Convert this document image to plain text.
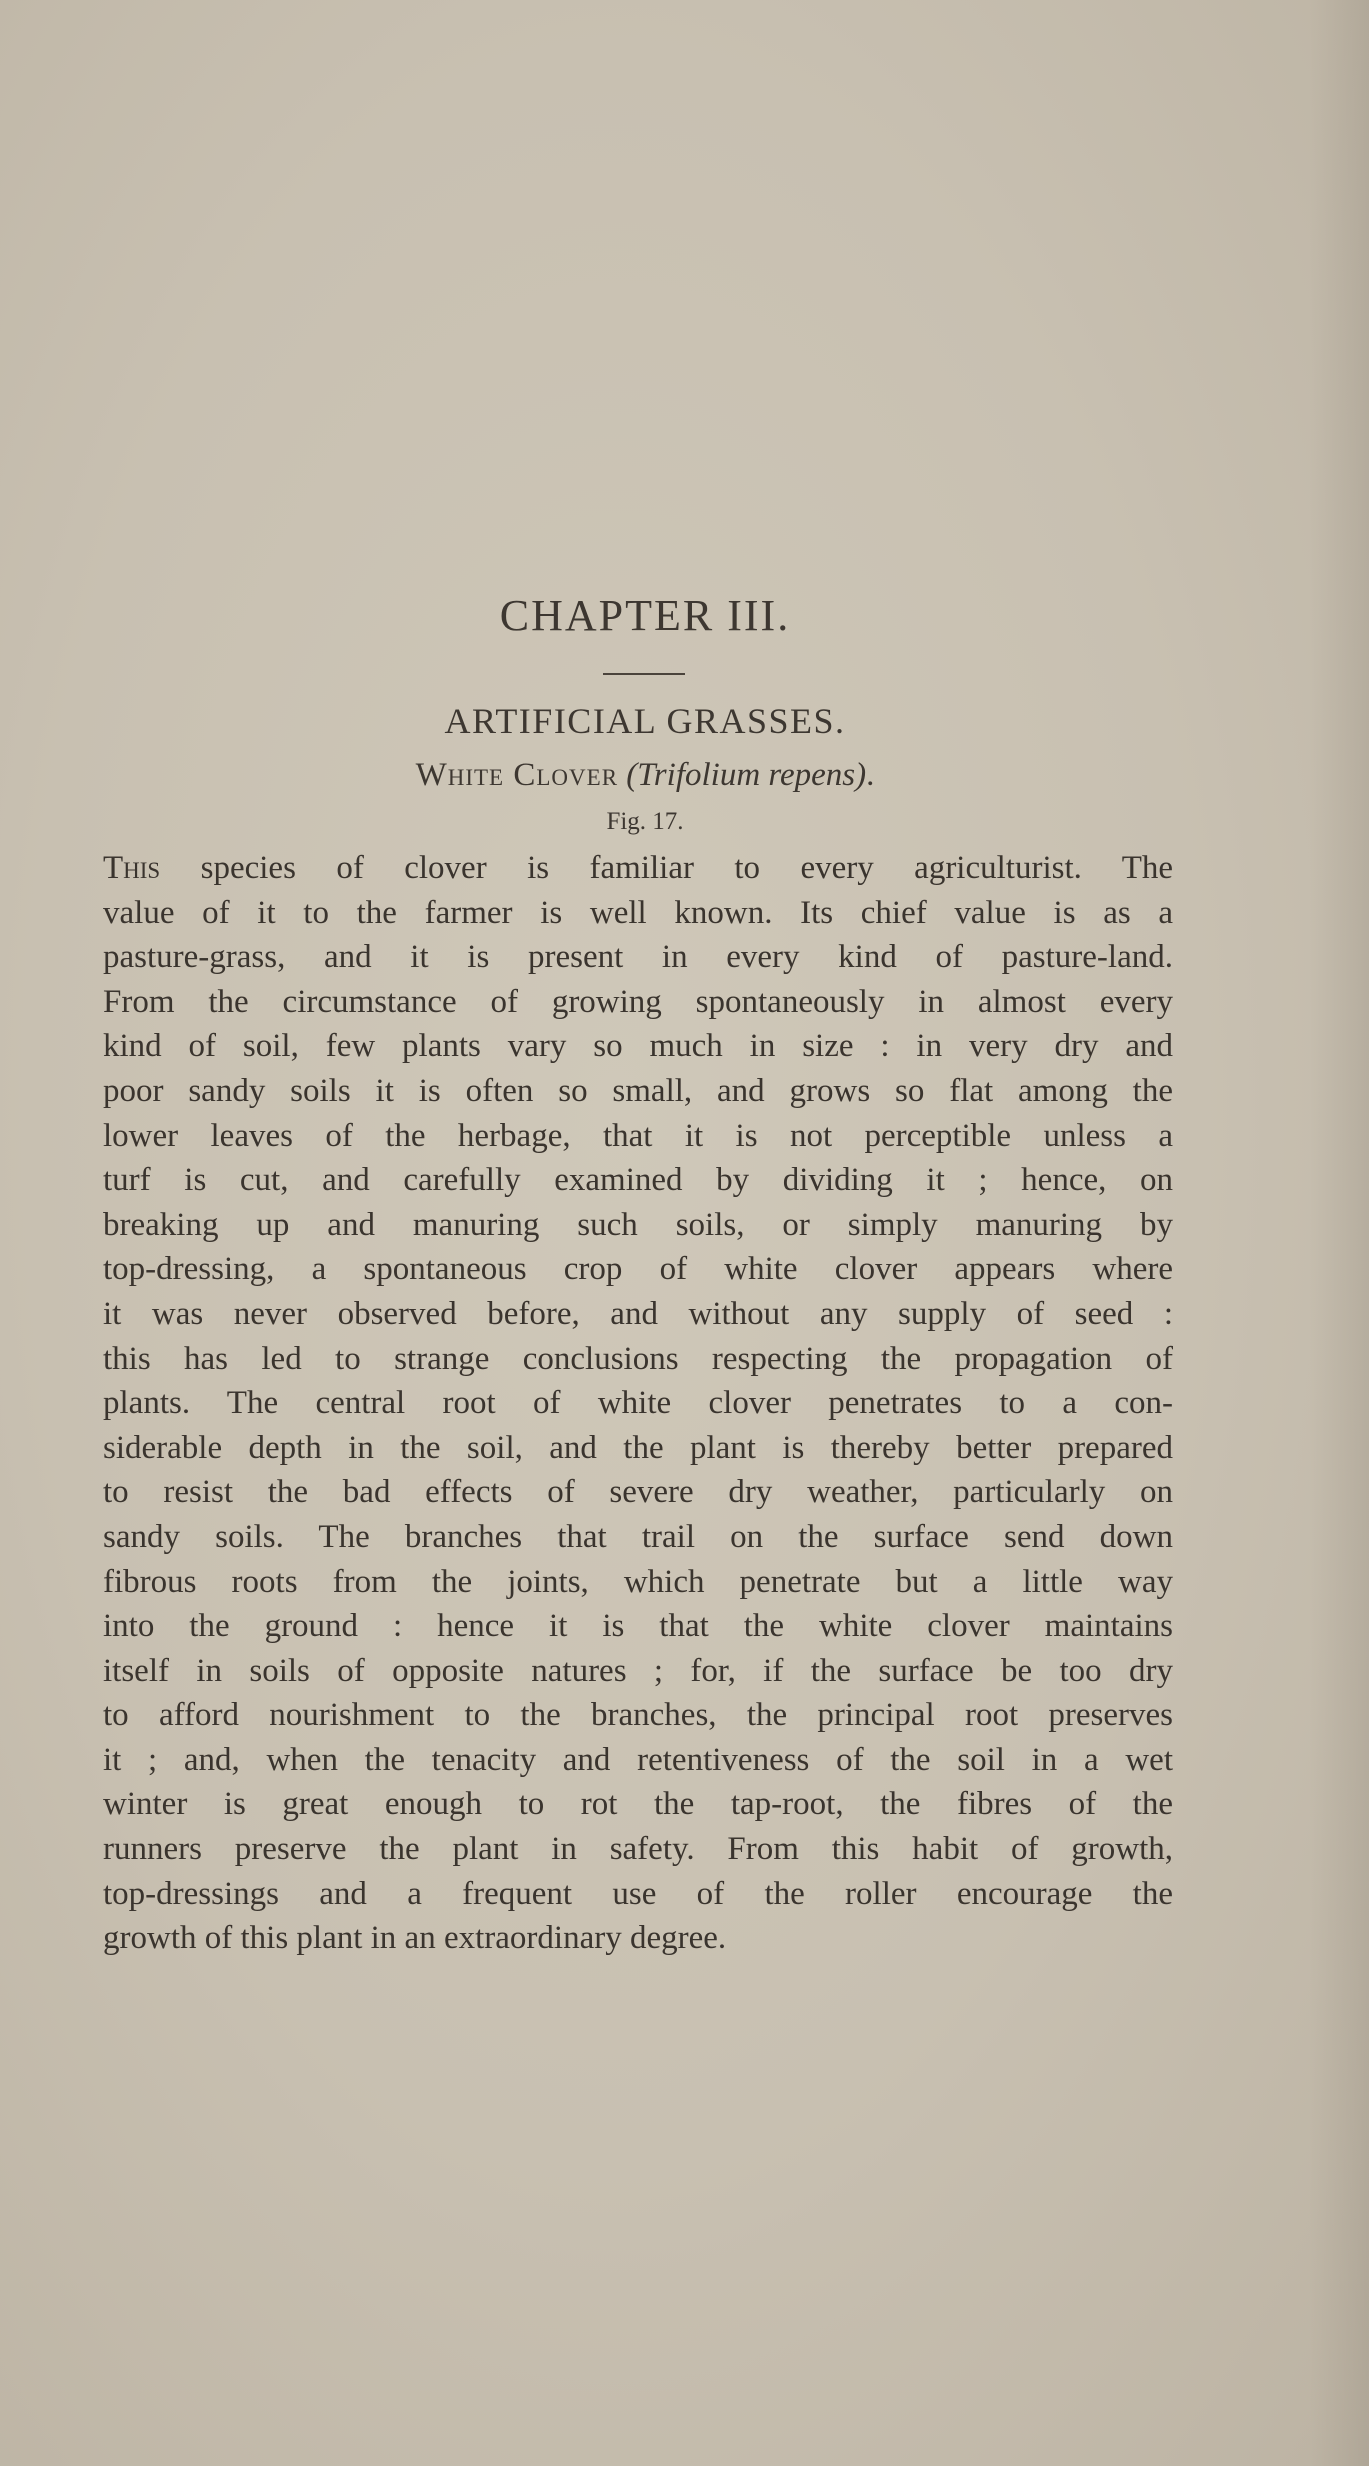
CHAPTER III.
ARTIFICIAL GRASSES.
White Clover (Trifolium repens).
Fig. 17.
This species of clover is familiar to every agriculturist. The
value of it to the farmer is well known. Its chief value is as a
pasture-grass, and it is present in every kind of pasture-land.
From the circumstance of growing spontaneously in almost every
kind of soil, few plants vary so much in size : in very dry and
poor sandy soils it is often so small, and grows so flat among the
lower leaves of the herbage, that it is not perceptible unless a
turf is cut, and carefully examined by dividing it ; hence, on
breaking up and manuring such soils, or simply manuring by
top-dressing, a spontaneous crop of white clover appears where
it was never observed before, and without any supply of seed :
this has led to strange conclusions respecting the propagation of
plants. The central root of white clover penetrates to a con-
siderable depth in the soil, and the plant is thereby better prepared
to resist the bad effects of severe dry weather, particularly on
sandy soils. The branches that trail on the surface send down
fibrous roots from the joints, which penetrate but a little way
into the ground : hence it is that the white clover maintains
itself in soils of opposite natures ; for, if the surface be too dry
to afford nourishment to the branches, the principal root preserves
it ; and, when the tenacity and retentiveness of the soil in a wet
winter is great enough to rot the tap-root, the fibres of the
runners preserve the plant in safety. From this habit of growth,
top-dressings and a frequent use of the roller encourage the
growth of this plant in an extraordinary degree.
